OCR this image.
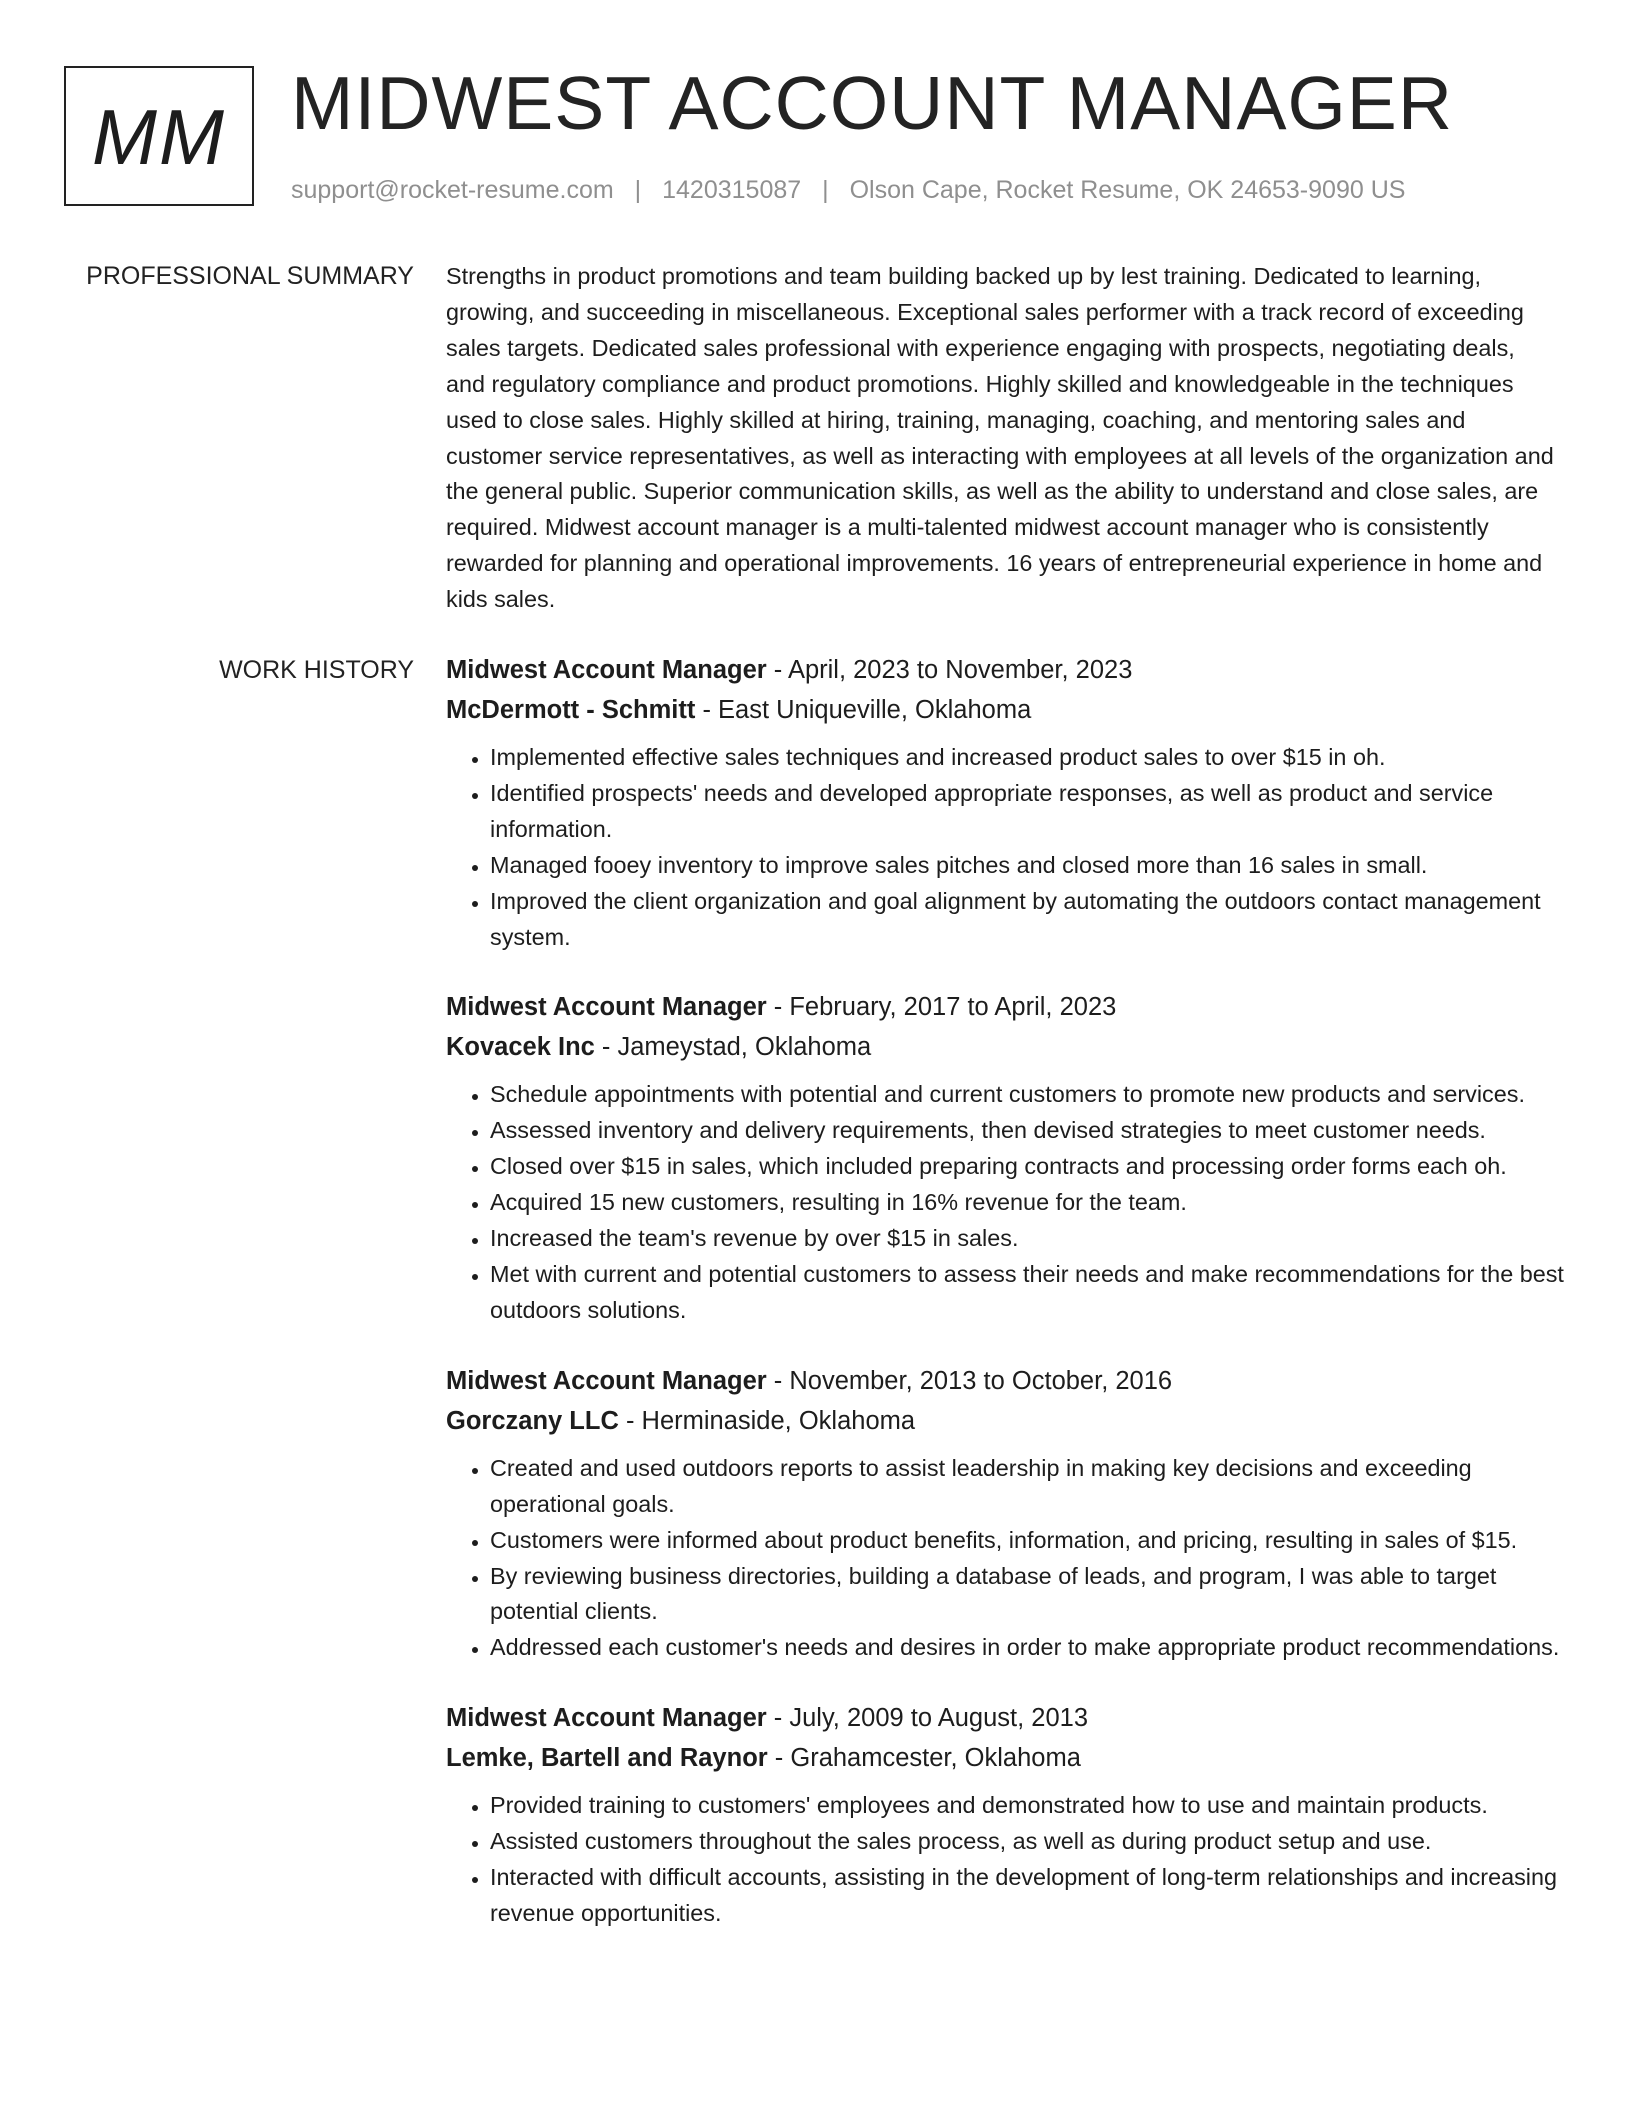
MM MIDWEST ACCOUNT MANAGER
support@rocket-resume.com | 1420315087 | Olson Cape, Rocket Resume, OK 24653-9090 US
PROFESSIONAL SUMMARY Strengths in product promotions and team building backed up by lest training. Dedicated to learning, growing, and succeeding in miscellaneous. Exceptional sales performer with a track record of exceeding sales targets. Dedicated sales professional with experience engaging with prospects, negotiating deals, and regulatory compliance and product promotions. Highly skilled and knowledgeable in the techniques used to close sales. Highly skilled at hiring, training, managing, coaching, and mentoring sales and customer service representatives, as well as interacting with employees at all levels of the organization and the general public. Superior communication skills, as well as the ability to understand and close sales, are required. Midwest account manager is a multi-talented midwest account manager who is consistently rewarded for planning and operational improvements. 16 years of entrepreneurial experience in home and kids sales.

WORK HISTORY Midwest Account Manager - April, 2023 to November, 2023
McDermott - Schmitt - East Uniqueville, Oklahoma
• Implemented effective sales techniques and increased product sales to over $15 in oh.
• Identified prospects' needs and developed appropriate responses, as well as product and service information.
• Managed fooey inventory to improve sales pitches and closed more than 16 sales in small.
• Improved the client organization and goal alignment by automating the outdoors contact management system.
Midwest Account Manager - February, 2017 to April, 2023
Kovacek Inc - Jameystad, Oklahoma
• Schedule appointments with potential and current customers to promote new products and services.
• Assessed inventory and delivery requirements, then devised strategies to meet customer needs.
• Closed over $15 in sales, which included preparing contracts and processing order forms each oh.
• Acquired 15 new customers, resulting in 16% revenue for the team.
• Increased the team's revenue by over $15 in sales.
• Met with current and potential customers to assess their needs and make recommendations for the best outdoors solutions.
Midwest Account Manager - November, 2013 to October, 2016
Gorczany LLC - Herminaside, Oklahoma
• Created and used outdoors reports to assist leadership in making key decisions and exceeding operational goals.
• Customers were informed about product benefits, information, and pricing, resulting in sales of $15.
• By reviewing business directories, building a database of leads, and program, I was able to target potential clients.
• Addressed each customer's needs and desires in order to make appropriate product recommendations.
Midwest Account Manager - July, 2009 to August, 2013
Lemke, Bartell and Raynor - Grahamcester, Oklahoma
• Provided training to customers' employees and demonstrated how to use and maintain products.
• Assisted customers throughout the sales process, as well as during product setup and use.
• Interacted with difficult accounts, assisting in the development of long-term relationships and increasing revenue opportunities.
